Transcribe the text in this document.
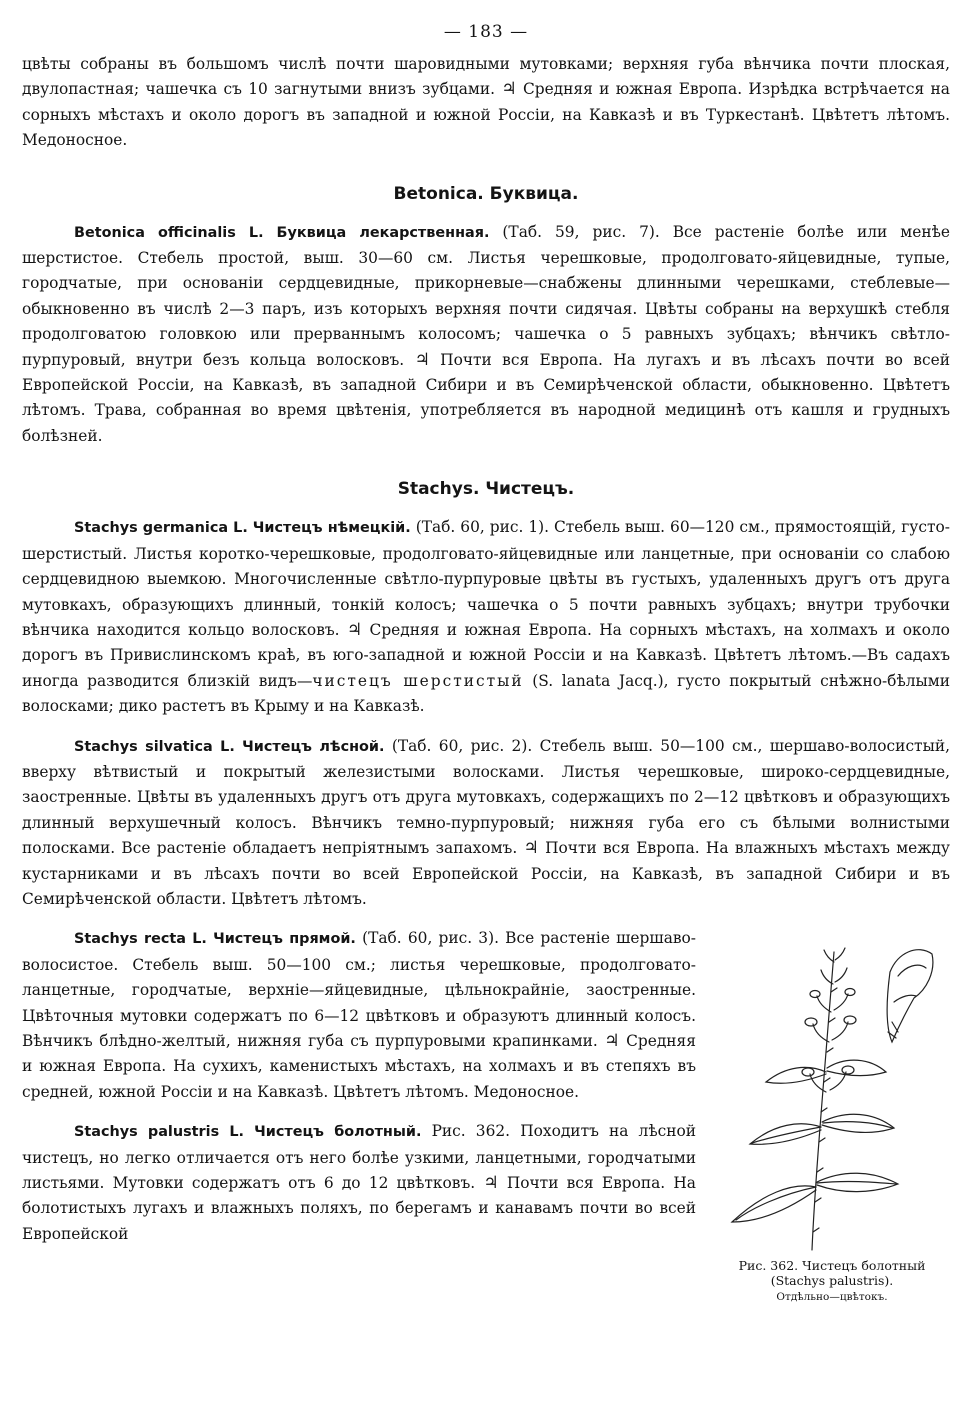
— 183 —

цвѣты собраны въ большомъ числѣ почти шаровидными мутовками; верхняя губа вѣнчика почти плоская, двулопастная; чашечка съ 10 загнутыми внизъ зубцами. ♃ Средняя и южная Европа. Изрѣдка встрѣчается на сорныхъ мѣстахъ и около дорогъ въ западной и южной Россіи, на Кавказѣ и въ Туркестанѣ. Цвѣтетъ лѣтомъ. Медоносное.

Betonica. Буквица.

Betonica officinalis L. Буквица лекарственная. (Таб. 59, рис. 7). Все растеніе болѣе или менѣе шерстистое. Стебель простой, выш. 30—60 см. Листья черешковые, продолговато-яйцевидные, тупые, городчатые, при основаніи сердцевидные, прикорневые—снабжены длинными черешками, стеблевые—обыкновенно въ числѣ 2—3 паръ, изъ которыхъ верхняя почти сидячая. Цвѣты собраны на верхушкѣ стебля продолговатою головкою или прерваннымъ колосомъ; чашечка о 5 равныхъ зубцахъ; вѣнчикъ свѣтло-пурпуровый, внутри безъ кольца волосковъ. ♃ Почти вся Европа. На лугахъ и въ лѣсахъ почти во всей Европейской Россіи, на Кавказѣ, въ западной Сибири и въ Семирѣченской области, обыкновенно. Цвѣтетъ лѣтомъ. Трава, собранная во время цвѣтенія, употребляется въ народной медицинѣ отъ кашля и грудныхъ болѣзней.

Stachys. Чистецъ.

Stachys germanica L. Чистецъ нѣмецкій. (Таб. 60, рис. 1). Стебель выш. 60—120 см., прямостоящій, густо-шерстистый. Листья коротко-черешковые, продолговато-яйцевидные или ланцетные, при основаніи со слабою сердцевидною выемкою. Многочисленные свѣтло-пурпуровые цвѣты въ густыхъ, удаленныхъ другъ отъ друга мутовкахъ, образующихъ длинный, тонкій колосъ; чашечка о 5 почти равныхъ зубцахъ; внутри трубочки вѣнчика находится кольцо волосковъ. ♃ Средняя и южная Европа. На сорныхъ мѣстахъ, на холмахъ и около дорогъ въ Привислинскомъ краѣ, въ юго-западной и южной Россіи и на Кавказѣ. Цвѣтетъ лѣтомъ.—Въ садахъ иногда разводится близкій видъ—чистецъ шерстистый (S. lanata Jacq.), густо покрытый снѣжно-бѣлыми волосками; дико растетъ въ Крыму и на Кавказѣ.

Stachys silvatica L. Чистецъ лѣсной. (Таб. 60, рис. 2). Стебель выш. 50—100 см., шершаво-волосистый, вверху вѣтвистый и покрытый железистыми волосками. Листья черешковые, широко-сердцевидные, заостренные. Цвѣты въ удаленныхъ другъ отъ друга мутовкахъ, содержащихъ по 2—12 цвѣтковъ и образующихъ длинный верхушечный колосъ. Вѣнчикъ темно-пурпуровый; нижняя губа его съ бѣлыми волнистыми полосками. Все растеніе обладаетъ непріятнымъ запахомъ. ♃ Почти вся Европа. На влажныхъ мѣстахъ между кустарниками и въ лѣсахъ почти во всей Европейской Россіи, на Кавказѣ, въ западной Сибири и въ Семирѣченской области. Цвѣтетъ лѣтомъ.

Рис. 362. Чистецъ болотный
(Stachys palustris).
Отдѣльно—цвѣтокъ.

Stachys recta L. Чистецъ прямой. (Таб. 60, рис. 3). Все растеніе шершаво-волосистое. Стебель выш. 50—100 см.; листья черешковые, продолговато-ланцетные, городчатые, верхніе—яйцевидные, цѣльнокрайніе, заостренные. Цвѣточныя мутовки содержатъ по 6—12 цвѣтковъ и образуютъ длинный колосъ. Вѣнчикъ блѣдно-желтый, нижняя губа съ пурпуровыми крапинками. ♃ Средняя и южная Европа. На сухихъ, каменистыхъ мѣстахъ, на холмахъ и въ степяхъ въ средней, южной Россіи и на Кавказѣ. Цвѣтетъ лѣтомъ. Медоносное.

Stachys palustris L. Чистецъ болотный. Рис. 362. Походитъ на лѣсной чистецъ, но легко отличается отъ него болѣе узкими, ланцетными, городчатыми листьями. Мутовки содержатъ отъ 6 до 12 цвѣтковъ. ♃ Почти вся Европа. На болотистыхъ лугахъ и влажныхъ поляхъ, по берегамъ и канавамъ почти во всей Европейской
